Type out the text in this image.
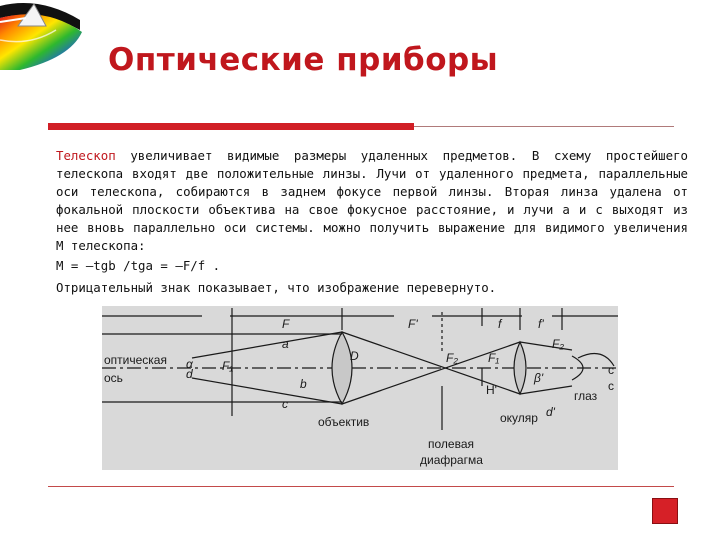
Оптические приборы

Телескоп увеличивает видимые размеры удаленных предметов. В схему простейшего телескопа входят две положительные линзы. Лучи от удаленного предмета, параллельные оси телескопа, собираются в заднем фокусе первой линзы. Вторая линза удалена от фокальной плоскости объектива на свое фокусное расстояние, и лучи a и c выходят из нее вновь параллельно оси системы. можно получить выражение для видимого увеличения M телескопа:

M = –tgb /tga = –F/f .
Отрицательный знак показывает, что изображение перевернуто.
оптическая
ось
F
a
F'	f	f'
F₁
F₂	F₁
F₂
D
b
c
H'
α
d
d'
β'
объектив	окуляр
глаз
полевая
диафрагма
с
с
